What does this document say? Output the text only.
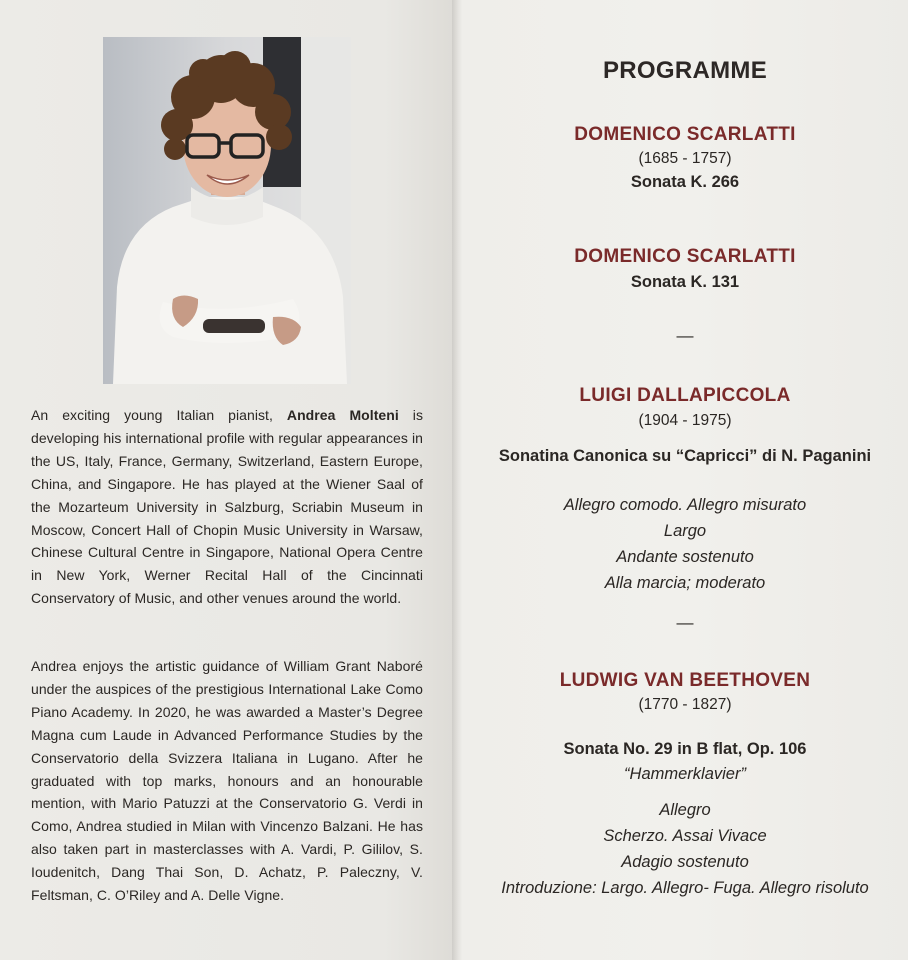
An exciting young Italian pianist, Andrea Molteni is developing his international profile with regular appearances in the US, Italy, France, Germany, Switzerland, Eastern Europe, China, and Singapore. He has played at the Wiener Saal of the Mozarteum University in Salzburg, Scriabin Museum in Moscow, Concert Hall of Chopin Music University in Warsaw, Chinese Cultural Centre in Singapore, National Opera Centre in New York, Werner Recital Hall of the Cincinnati Conservatory of Music, and other venues around the world.
Andrea enjoys the artistic guidance of William Grant Naboré under the auspices of the prestigious International Lake Como Piano Academy. In 2020, he was awarded a Master’s Degree Magna cum Laude in Advanced Performance Studies by the Conservatorio della Svizzera Italiana in Lugano. After he graduated with top marks, honours and an honourable mention, with Mario Patuzzi at the Conservatorio G. Verdi in Como, Andrea studied in Milan with Vincenzo Balzani. He has also taken part in masterclasses with A. Vardi, P. Gililov, S. Ioudenitch, Dang Thai Son, D. Achatz, P. Paleczny, V. Feltsman, C. O’Riley and A. Delle Vigne.
PROGRAMME
DOMENICO SCARLATTI
(1685 - 1757)
Sonata K. 266
DOMENICO SCARLATTI
Sonata K. 131
—
LUIGI DALLAPICCOLA
(1904 - 1975)
Sonatina Canonica su “Capricci” di N. Paganini
Allegro comodo. Allegro misurato
Largo
Andante sostenuto
Alla marcia; moderato
—
LUDWIG VAN BEETHOVEN
(1770 - 1827)
Sonata No. 29 in B flat, Op. 106
“Hammerklavier”
Allegro
Scherzo. Assai Vivace
Adagio sostenuto
Introduzione: Largo. Allegro- Fuga. Allegro risoluto
